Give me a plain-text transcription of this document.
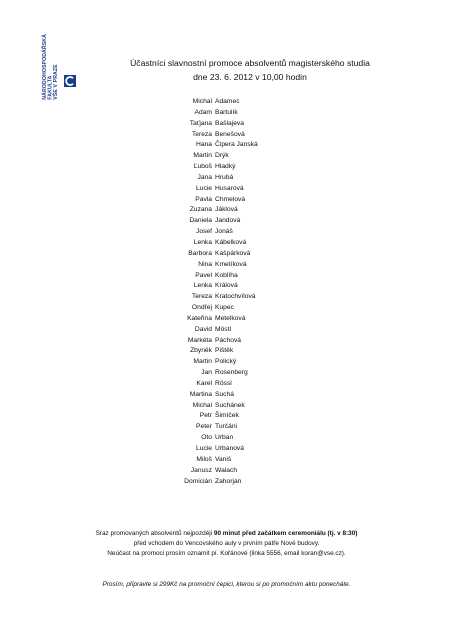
NÁRODOHOSPODÁŘSKÁ
FAKULTA
VŠE V PRAZE
Účastníci slavnostní promoce absolventů magisterského studia
dne 23. 6. 2012 v 10,00 hodin
Michal Adamec
Adam Bartulík
Taťjana Bašlajeva
Tereza Benešová
Hana Čipera Janská
Martin Drýk
Ľuboš Hladký
Jana Hrubá
Lucie Husarová
Pavla Chmelová
Zuzana Jáklová
Daniela Jandová
Josef Jonáš
Lenka Kábelková
Barbora Kašpárková
Nina Kmetíková
Pavel Koblíha
Lenka Králová
Tereza Kratochvílová
Ondřej Kupec
Kateřina Metelková
David Möstl
Markéta Páchová
Zbyněk Pištěk
Martin Polický
Jan Rosenberg
Karel Rössl
Martina Suchá
Michal Suchánek
Petr Šimíček
Peter Turčáni
Oto Urban
Lucie Urbanová
Miloš Vaniš
Janusz Walach
Domicián Zahorjan
Sraz promovaných absolventů nejpozději 90 minut před začátkem ceremoniálu (tj. v 8:30)
před vchodem do Vencovského auly v prvním patře Nové budovy.
Neúčast na promoci prosím oznamit pí. Kořánové (linka 5556, email koran@vse.cz).
Prosím, připravte si 299Kč na promoční čepici, kterou si po promočním aktu ponecháte.
